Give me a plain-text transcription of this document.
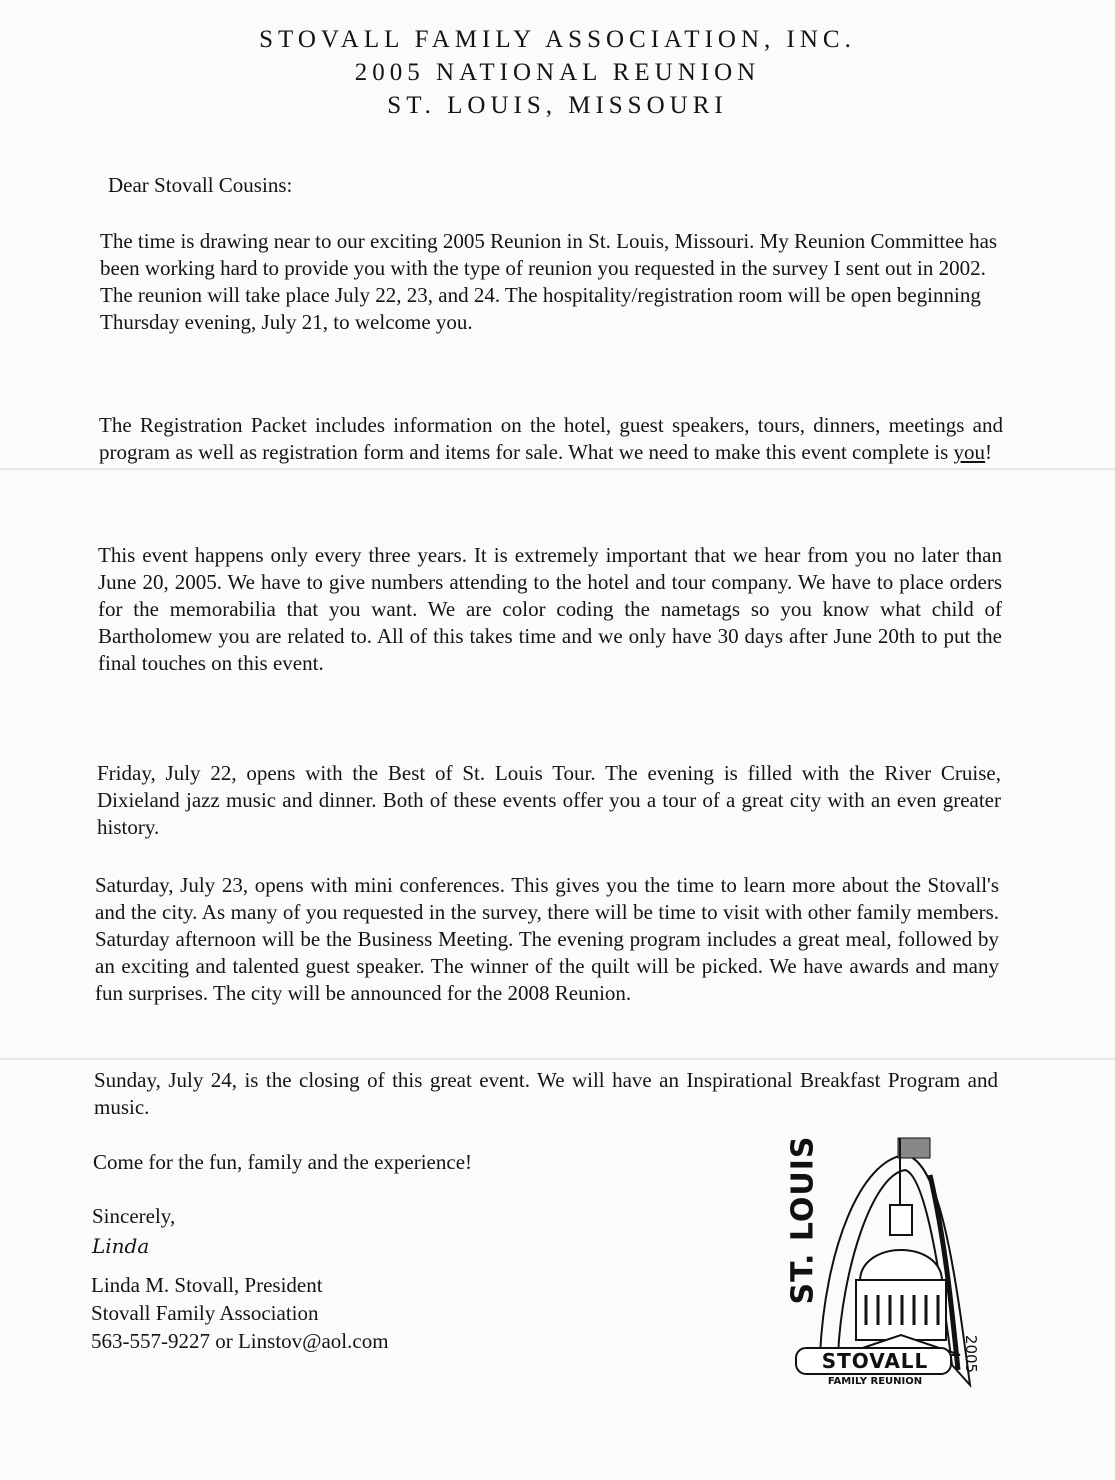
STOVALL FAMILY ASSOCIATION, INC.
2005 NATIONAL REUNION
ST. LOUIS, MISSOURI
Dear Stovall Cousins:
The time is drawing near to our exciting 2005 Reunion in St. Louis, Missouri. My Reunion Committee has been working hard to provide you with the type of reunion you requested in the survey I sent out in 2002. The reunion will take place July 22, 23, and 24. The hospitality/registration room will be open beginning Thursday evening, July 21, to welcome you.
The Registration Packet includes information on the hotel, guest speakers, tours, dinners, meetings and program as well as registration form and items for sale. What we need to make this event complete is you!
This event happens only every three years. It is extremely important that we hear from you no later than June 20, 2005. We have to give numbers attending to the hotel and tour company. We have to place orders for the memorabilia that you want. We are color coding the nametags so you know what child of Bartholomew you are related to. All of this takes time and we only have 30 days after June 20th to put the final touches on this event.
Friday, July 22, opens with the Best of St. Louis Tour. The evening is filled with the River Cruise, Dixieland jazz music and dinner. Both of these events offer you a tour of a great city with an even greater history.
Saturday, July 23, opens with mini conferences. This gives you the time to learn more about the Stovall's and the city. As many of you requested in the survey, there will be time to visit with other family members. Saturday afternoon will be the Business Meeting. The evening program includes a great meal, followed by an exciting and talented guest speaker. The winner of the quilt will be picked. We have awards and many fun surprises. The city will be announced for the 2008 Reunion.
Sunday, July 24, is the closing of this great event. We will have an Inspirational Breakfast Program and music.
Come for the fun, family and the experience!
Sincerely,
Linda
Linda M. Stovall, President
Stovall Family Association
563-557-9227 or Linstov@aol.com
ST. LOUIS
STOVALL
FAMILY REUNION
2005
